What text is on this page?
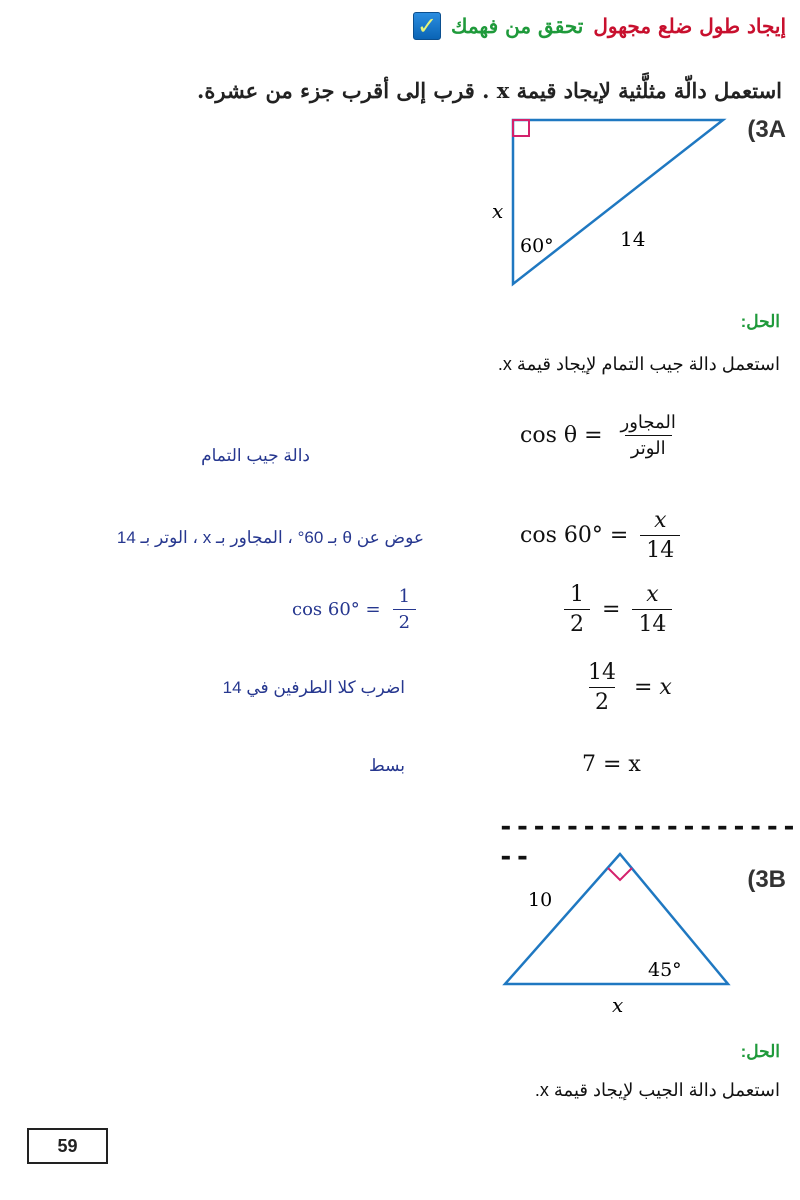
✓ تحقق من فهمك إيجاد طول ضلع مجهول
استعمل دالّة مثلَّثية لإيجاد قيمة x . قرب إلى أقرب جزء من عشرة.
(3A
x
60°	14
الحل:
استعمل دالة جيب التمام لإيجاد قيمة x.
$\cos \theta = \frac{\text{المجاور}}{\text{الوتر}}$
دالة جيب التمام
$\cos 60^\circ = \frac{x}{14}$
عوض عن θ بـ 60° ، المجاور بـ x ، الوتر بـ 14
$\frac{1}{2} = \frac{x}{14}$
$\cos 60^\circ = \frac{1}{2}$
$\frac{14}{2} = x$
اضرب كلا الطرفين في 14
7 = x
بسط
--------------------
(3B
10
45°
x
الحل:
استعمل دالة الجيب لإيجاد قيمة x.
59
